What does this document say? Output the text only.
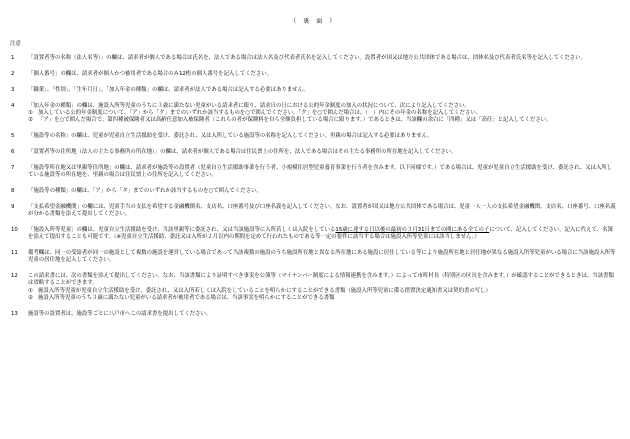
（　裏　面　）
注意
1	「設置者等の名称（法人名等）」の欄は、請求者が個人である場合は氏名を、法人である場合は法人名及び代表者氏名を記入してください。設置者が国又は地方公共団体である場合は、団体名及び代表者氏名等を記入してください。
2	「個人番号」の欄は、請求者が個人かつ被用者である場合のみ12桁の個人番号を記入してください。
3	「職業」、「性別」、「生年月日」、「加入年金の種類」の欄は、請求者が法人である場合は記入する必要はありません。
4	「加入年金の種類」の欄は、施設入所等児童のうちに３歳に満たない児童がいる請求者に限り、請求日の日における公的年金制度の加入の状況について、次により記入してください。
① 加入している公的年金制度について、「ア」から「ク」までのいずれか該当するものを○で囲んでください。「ク」を○で囲んだ場合は、（　）内にその年金の名称を記入してください。
② 「ア」を○で囲んだ場合で、第四種被保険者又は高齢任意加入被保険者（これらの者が保険料を自ら全額負担している場合に限ります。）であるときは、当該欄の余白に「四種」又は「高任」と記入してください。
5	「施設等の名称」の欄は、児童が児童自立生活援助を受け、委託され、又は入所している施設等の名称を記入してください。里親の場合は記入する必要はありません。
6	「設置者等の住所地（法人の主たる事務所の所在地）」の欄は、請求者が個人である場合は住民票上の住所を、法人である場合はその主たる事務所の所在地を記入してください。
7	「施設等所在地又は里親等住所地」の欄は、請求者が施設等の設置者（児童自立生活援助事業を行う者、小規模住居型児童養育事業を行う者を含みます。以下同様です。）である場合は、児童が児童自立生活援助を受け、委託され、又は入所している施設等の所在地を、里親の場合は住民票上の住所を記入してください。
8	「施設等の種類」の欄は、「ア」から「タ」までのいずれか該当するものを○で囲んでください。
9	「支払希望金融機関」の欄には、児童手当の支払を希望する金融機関名、支店名、口座番号及び口座名義を記入してください。なお、設置者が国又は地方公共団体である場合は、児童一人一人の支払希望金融機関、支店名、口座番号、口座名義が分かる書類を添えて提出してください。
10	「施設入所等児童」の欄は、児童自立生活援助を受け、当該里親等に委託され、又は当該施設等に入所若しくは入院をしている15歳に達する日以後の最初の３月31日までの間にある全ての子について、記入してください。記入に代えて、名簿を添えて提出することも可能です。（※児童自立生活援助、委託又は入所が２月以内の期間を定めて行われたものである等一定の要件に該当する場合は施設入所等児童には該当しません。）
11	備考欄は、同一の受給者が同一の施設として複数の施設を運営している場合であって当該複数の施設のうち施設所在地と異なる所在地にある施設に居住している等により施設所在地と居住地が異なる施設入所等児童がいる場合に当該施設入所等児童の居住地を記入してください。
12	この請求書には、次の書類を添えて提出してください。なお、当該書類により証明すべき事実を公簿等（マイナンバー制度による情報連携を含みます。）によって市町村長（特別区の区長を含みます。）が確認することができるときは、当該書類は省略することができます。
① 施設入所等児童が児童自立生活援助を受け、委託され、又は入所若しくは入院をしていることを明らかにすることができる書類（施設入所等児童に係る措置決定通知書又は契約書の写し）
② 施設入所等児童のうち３歳に満たない児童がいる請求者が被用者である場合は、当該事実を明らかにすることができる書類
13	施設等の設置者は、施設等ごとに八戸市へこの請求書を提出してください。
